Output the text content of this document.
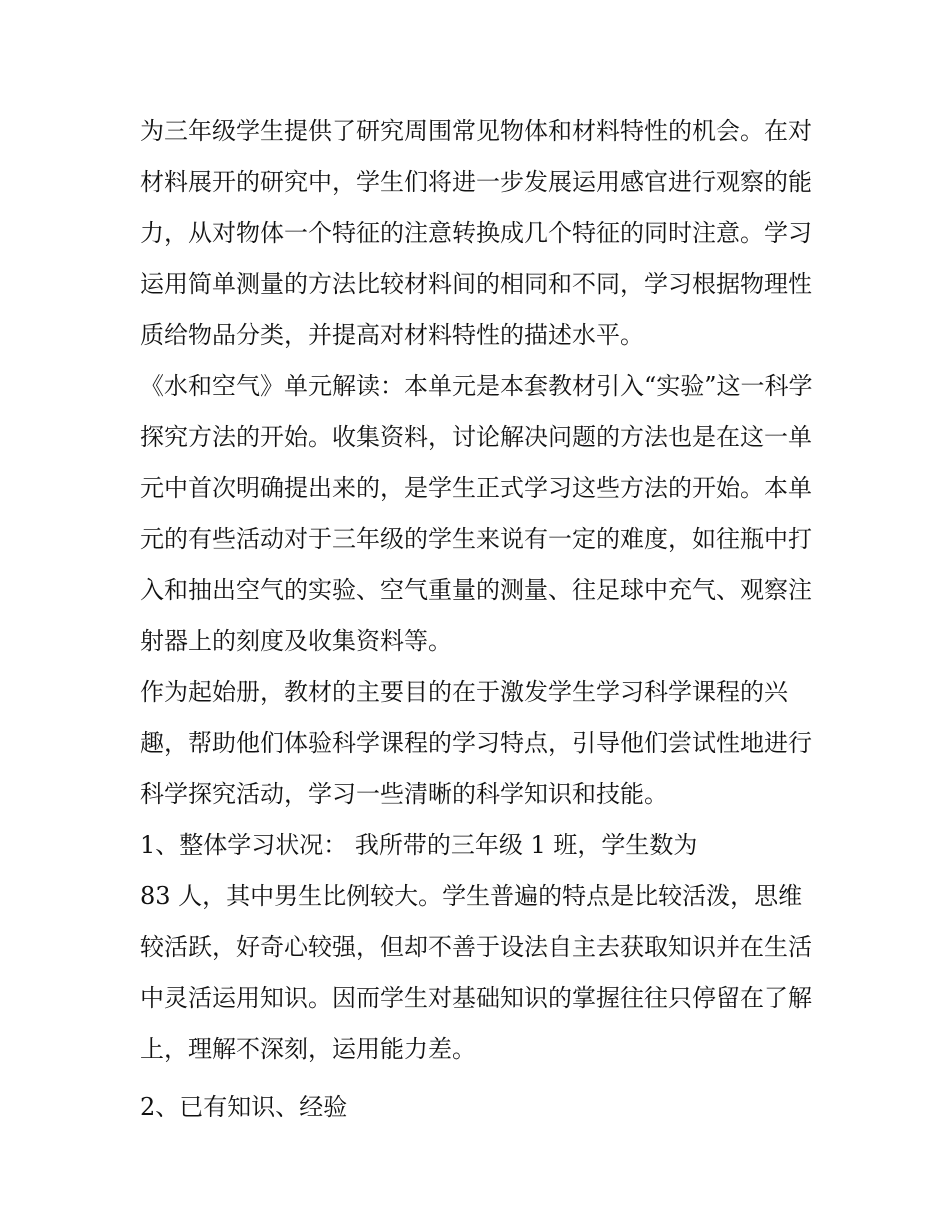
为三年级学生提供了研究周围常见物体和材料特性的机会。在对材料展开的研究中，学生们将进一步发展运用感官进行观察的能力，从对物体一个特征的注意转换成几个特征的同时注意。学习运用简单测量的方法比较材料间的相同和不同，学习根据物理性质给物品分类，并提高对材料特性的描述水平。

《水和空气》单元解读：本单元是本套教材引入“实验”这一科学探究方法的开始。收集资料，讨论解决问题的方法也是在这一单元中首次明确提出来的，是学生正式学习这些方法的开始。本单元的有些活动对于三年级的学生来说有一定的难度，如往瓶中打入和抽出空气的实验、空气重量的测量、往足球中充气、观察注射器上的刻度及收集资料等。

作为起始册，教材的主要目的在于激发学生学习科学课程的兴趣，帮助他们体验科学课程的学习特点，引导他们尝试性地进行科学探究活动，学习一些清晰的科学知识和技能。

1、整体学习状况： 我所带的三年级 1 班，学生数为

83 人，其中男生比例较大。学生普遍的特点是比较活泼，思维较活跃，好奇心较强，但却不善于设法自主去获取知识并在生活中灵活运用知识。因而学生对基础知识的掌握往往只停留在了解上，理解不深刻，运用能力差。

2、已有知识、经验
